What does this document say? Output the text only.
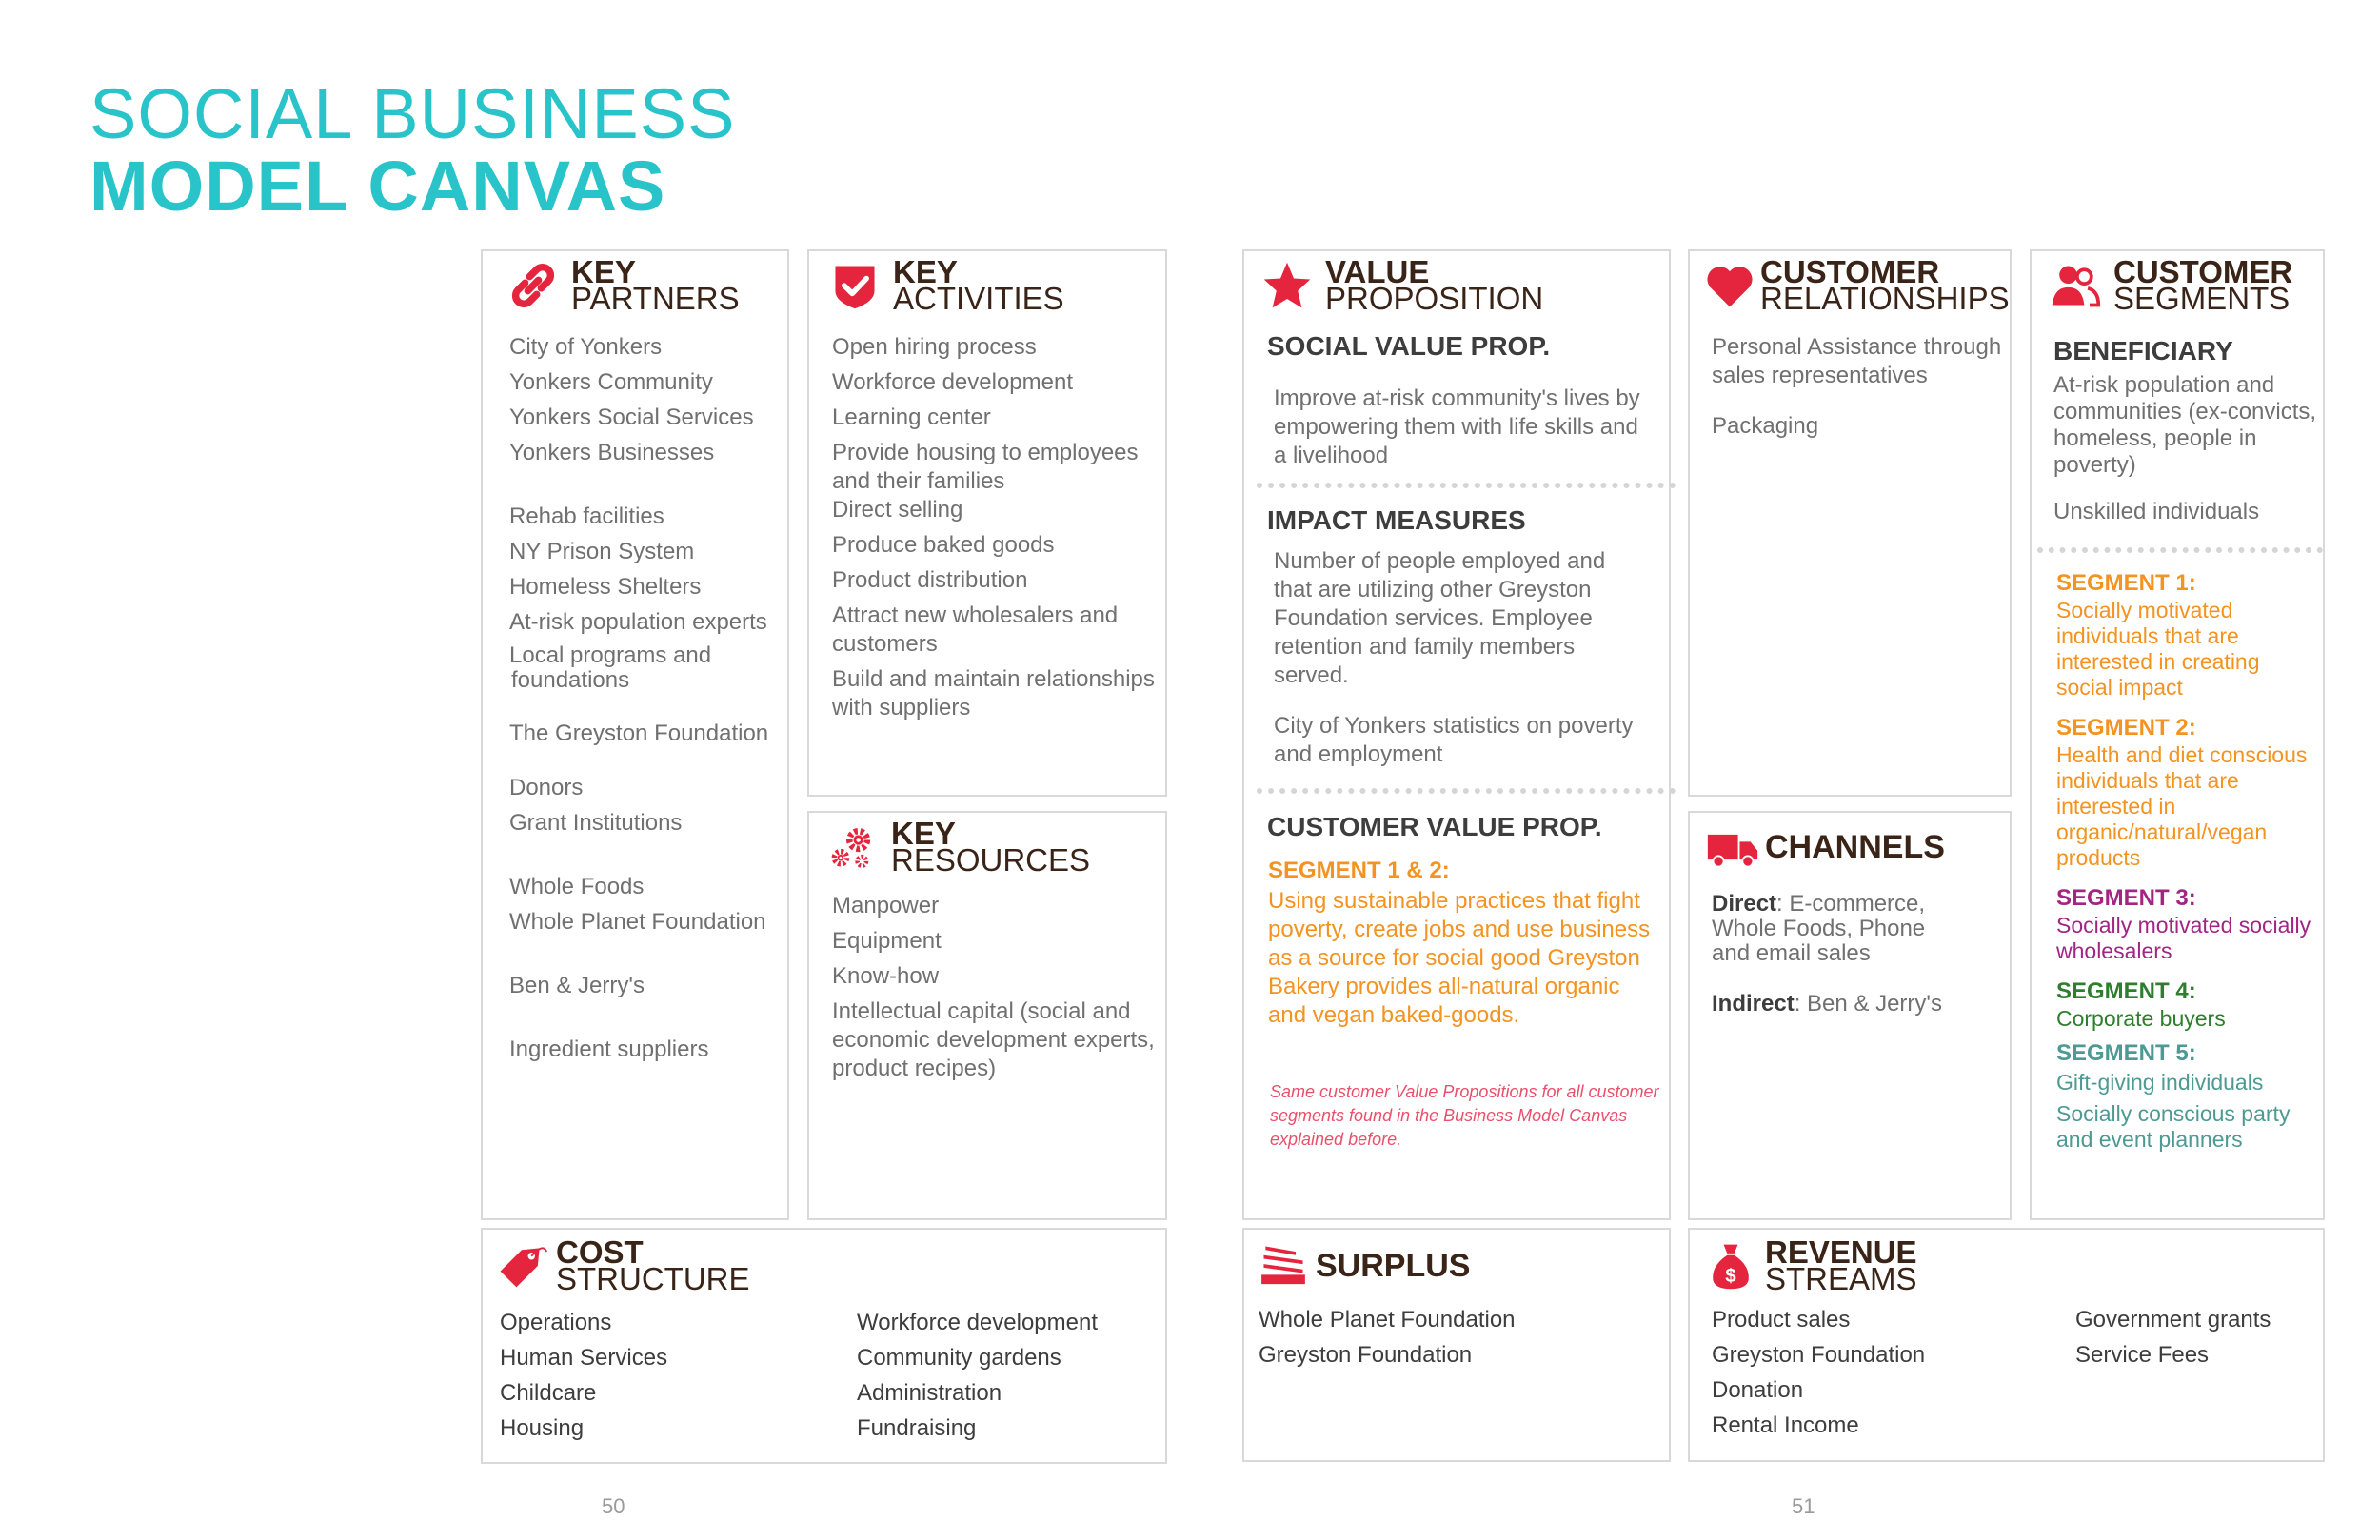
SOCIAL BUSINESS
MODEL CANVAS
KEY
PARTNERS
City of Yonkers
Yonkers Community
Yonkers Social Services
Yonkers Businesses
Rehab facilities
NY Prison System
Homeless Shelters
At-risk population experts
Local programs and
foundations
The Greyston Foundation
Donors
Grant Institutions
Whole Foods
Whole Planet Foundation
Ben & Jerry's
Ingredient suppliers
KEY
ACTIVITIES
Open hiring process
Workforce development
Learning center
Provide housing to employees and their families
Direct selling
Produce baked goods
Product distribution
Attract new wholesalers and customers
Build and maintain relationships with suppliers
KEY
RESOURCES
Manpower
Equipment
Know-how
Intellectual capital (social and economic development experts, product recipes)
VALUE
PROPOSITION
SOCIAL VALUE PROP.
Improve at-risk community's lives by empowering them with life skills and a livelihood
IMPACT MEASURES
Number of people employed and that are utilizing other Greyston Foundation services. Employee retention and family members served.
City of Yonkers statistics on poverty and employment
CUSTOMER VALUE PROP.
SEGMENT 1 & 2:
Using sustainable practices that fight poverty, create jobs and use business as a source for social good Greyston Bakery provides all-natural organic and vegan baked-goods.
Same customer Value Propositions for all customer segments found in the Business Model Canvas explained before.
CUSTOMER
RELATIONSHIPS
Personal Assistance through sales representatives
Packaging
CHANNELS
Direct: E-commerce, Whole Foods, Phone and email sales
Indirect: Ben & Jerry's
CUSTOMER
SEGMENTS
BENEFICIARY
At-risk population and communities (ex-convicts, homeless, people in poverty)
Unskilled individuals
SEGMENT 1:
Socially motivated individuals that are interested in creating social impact
SEGMENT 2:
Health and diet conscious individuals that are interested in organic/natural/vegan products
SEGMENT 3:
Socially motivated socially wholesalers
SEGMENT 4:
Corporate buyers
SEGMENT 5:
Gift-giving individuals
Socially conscious party and event planners
COST
STRUCTURE
Operations
Human Services
Childcare
Housing
Workforce development
Community gardens
Administration
Fundraising
SURPLUS
Whole Planet Foundation
Greyston Foundation
$
REVENUE
STREAMS
Product sales
Greyston Foundation
Donation
Rental Income
Government grants
Service Fees
50	51
